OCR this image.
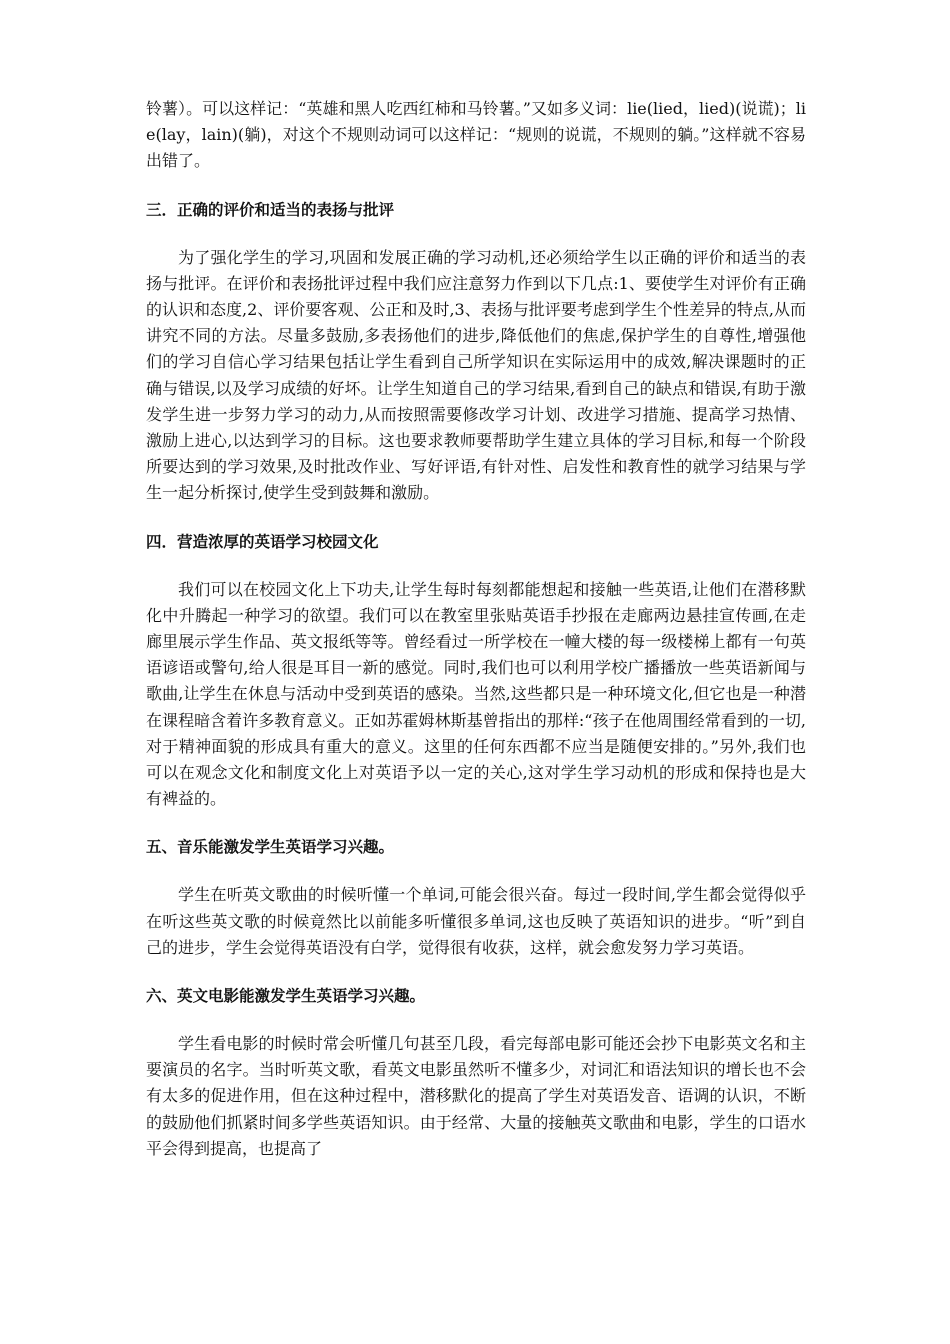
铃薯）。可以这样记：“英雄和黑人吃西红柿和马铃薯。”又如多义词：lie(lied，lied)(说谎)；lie(lay，lain)(躺)，对这个不规则动词可以这样记：“规则的说谎，不规则的躺。”这样就不容易出错了。

三．正确的评价和适当的表扬与批评

为了强化学生的学习,巩固和发展正确的学习动机,还必须给学生以正确的评价和适当的表扬与批评。在评价和表扬批评过程中我们应注意努力作到以下几点:1、要使学生对评价有正确的认识和态度,2、评价要客观、公正和及时,3、表扬与批评要考虑到学生个性差异的特点,从而讲究不同的方法。尽量多鼓励,多表扬他们的进步,降低他们的焦虑,保护学生的自尊性,增强他们的学习自信心学习结果包括让学生看到自己所学知识在实际运用中的成效,解决课题时的正确与错误,以及学习成绩的好坏。让学生知道自己的学习结果,看到自己的缺点和错误,有助于激发学生进一步努力学习的动力,从而按照需要修改学习计划、改进学习措施、提高学习热情、激励上进心,以达到学习的目标。这也要求教师要帮助学生建立具体的学习目标,和每一个阶段所要达到的学习效果,及时批改作业、写好评语,有针对性、启发性和教育性的就学习结果与学生一起分析探讨,使学生受到鼓舞和激励。

四．营造浓厚的英语学习校园文化

我们可以在校园文化上下功夫,让学生每时每刻都能想起和接触一些英语,让他们在潜移默化中升腾起一种学习的欲望。我们可以在教室里张贴英语手抄报在走廊两边悬挂宣传画,在走廊里展示学生作品、英文报纸等等。曾经看过一所学校在一幢大楼的每一级楼梯上都有一句英语谚语或警句,给人很是耳目一新的感觉。同时,我们也可以利用学校广播播放一些英语新闻与歌曲,让学生在休息与活动中受到英语的感染。当然,这些都只是一种环境文化,但它也是一种潜在课程暗含着许多教育意义。正如苏霍姆林斯基曾指出的那样:“孩子在他周围经常看到的一切,对于精神面貌的形成具有重大的意义。这里的任何东西都不应当是随便安排的。”另外,我们也可以在观念文化和制度文化上对英语予以一定的关心,这对学生学习动机的形成和保持也是大有裨益的。

五、音乐能激发学生英语学习兴趣。

学生在听英文歌曲的时候听懂一个单词,可能会很兴奋。每过一段时间,学生都会觉得似乎在听这些英文歌的时候竟然比以前能多听懂很多单词,这也反映了英语知识的进步。“听”到自己的进步，学生会觉得英语没有白学，觉得很有收获，这样，就会愈发努力学习英语。

六、英文电影能激发学生英语学习兴趣。

学生看电影的时候时常会听懂几句甚至几段，看完每部电影可能还会抄下电影英文名和主要演员的名字。当时听英文歌，看英文电影虽然听不懂多少，对词汇和语法知识的增长也不会有太多的促进作用，但在这种过程中，潜移默化的提高了学生对英语发音、语调的认识，不断的鼓励他们抓紧时间多学些英语知识。由于经常、大量的接触英文歌曲和电影，学生的口语水平会得到提高，也提高了
